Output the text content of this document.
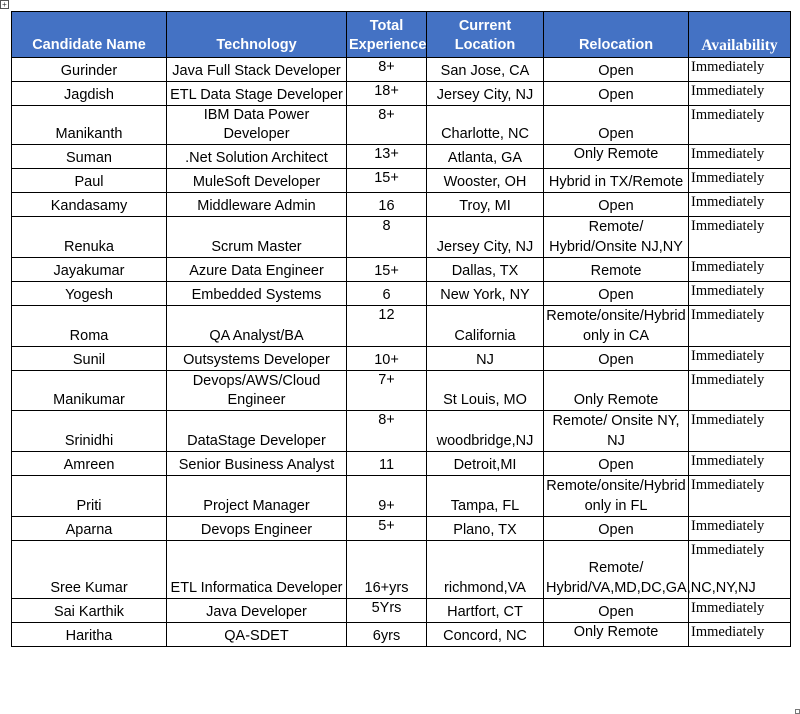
+
Candidate Name	Technology	Total Experience	Current Location	Relocation	Availability
Gurinder	Java Full Stack Developer	8+	San Jose, CA	Open	Immediately
Jagdish	ETL Data Stage Developer	18+	Jersey City, NJ	Open	Immediately
Manikanth	IBM Data Power Developer	8+	Charlotte, NC	Open	Immediately
Suman	.Net Solution Architect	13+	Atlanta, GA	Only Remote	Immediately
Paul	MuleSoft Developer	15+	Wooster, OH	Hybrid in TX/Remote	Immediately
Kandasamy	Middleware Admin	16	Troy, MI	Open	Immediately
Renuka	Scrum Master	8	Jersey City, NJ	Remote/ Hybrid/Onsite NJ,NY	Immediately
Jayakumar	Azure Data Engineer	15+	Dallas, TX	Remote	Immediately
Yogesh	Embedded Systems	6	New York, NY	Open	Immediately
Roma	QA Analyst/BA	12	California	Remote/onsite/Hybrid only in CA	Immediately
Sunil	Outsystems Developer	10+	NJ	Open	Immediately
Manikumar	Devops/AWS/Cloud Engineer	7+	St Louis, MO	Only Remote	Immediately
Srinidhi	DataStage Developer	8+	woodbridge,NJ	Remote/ Onsite NY, NJ	Immediately
Amreen	Senior Business Analyst	11	Detroit,MI	Open	Immediately
Priti	Project Manager	9+	Tampa, FL	Remote/onsite/Hybrid only in FL	Immediately
Aparna	Devops Engineer	5+	Plano, TX	Open	Immediately
Sree Kumar	ETL Informatica Developer	16+yrs	richmond,VA	Remote/ Hybrid/VA,MD,DC,GA,NC,NY,NJ	Immediately
Sai Karthik	Java Developer	5Yrs	Hartfort, CT	Open	Immediately
Haritha	QA-SDET	6yrs	Concord, NC	Only Remote	Immediately
